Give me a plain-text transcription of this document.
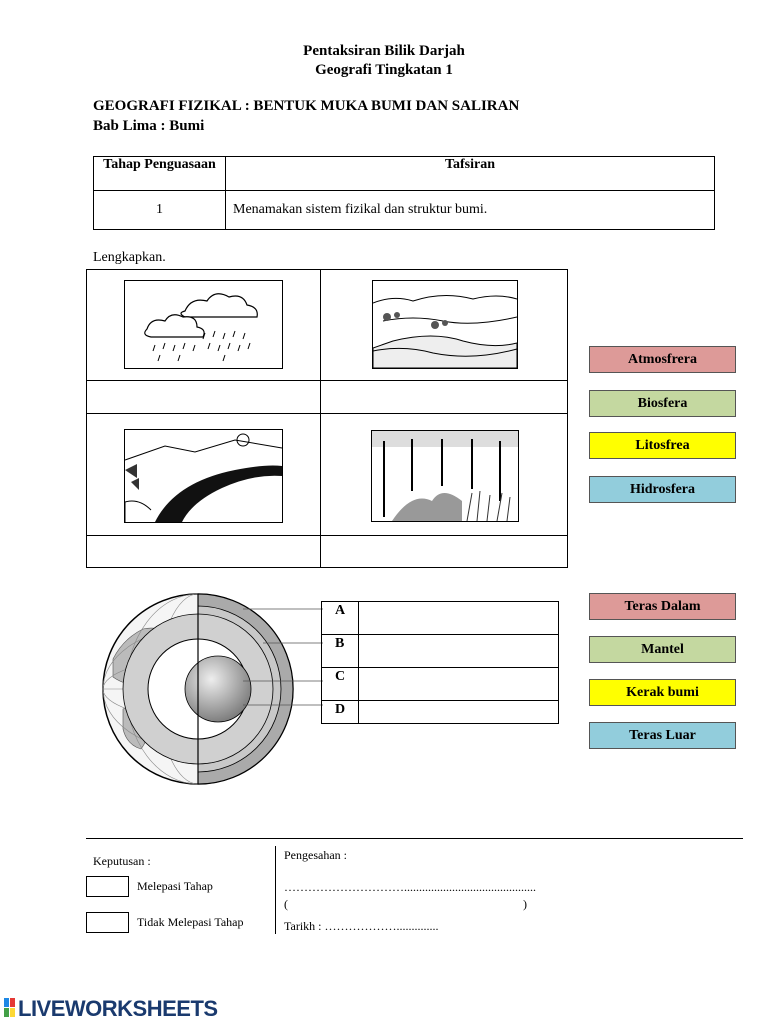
Pentaksiran Bilik Darjah
Geografi Tingkatan 1
GEOGRAFI FIZIKAL : BENTUK MUKA BUMI DAN SALIRAN
Bab Lima : Bumi
Tahap Penguasaan	Tafsiran
1	Menamakan sistem fizikal dan struktur bumi.
Lengkapkan.
Atmosfrera
Biosfera
Litosfrea
Hidrosfera
A
B
C
D
Teras Dalam
Mantel
Kerak bumi
Teras Luar
Keputusan :
Melepasi Tahap
Tidak Melepasi Tahap
Pengesahan :
…………………………............................................
(	)
Tarikh : ………………..............
LIVEWORKSHEETS
